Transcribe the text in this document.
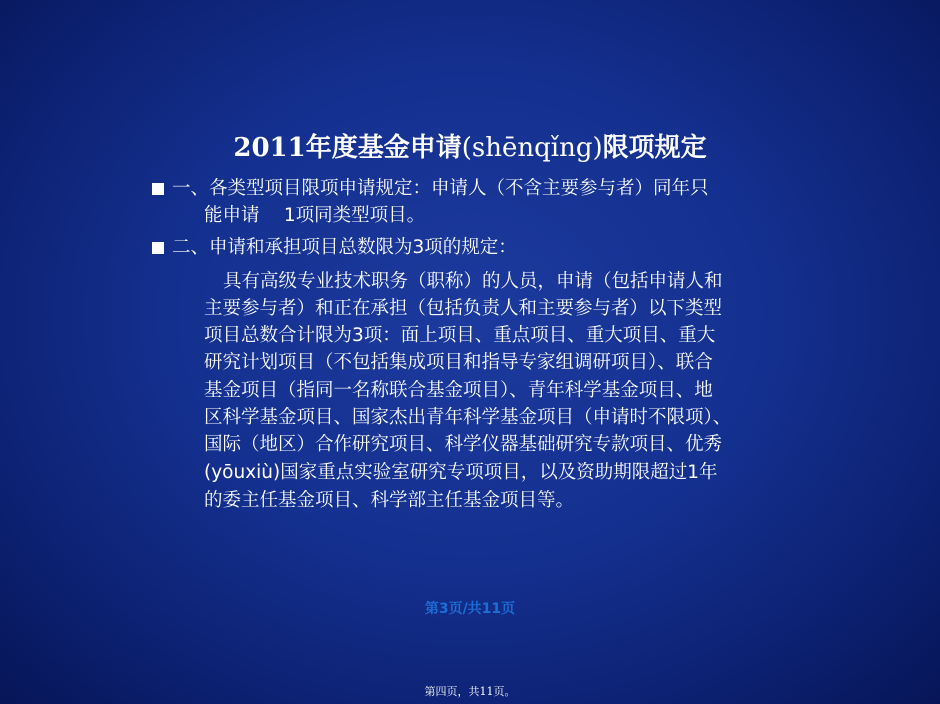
2011年度基金申请(shēnqǐng)限项规定
一、各类型项目限项申请规定：申请人（不含主要参与者）同年只
能申请　 1项同类型项目。
二、申请和承担项目总数限为3项的规定：
具有高级专业技术职务（职称）的人员，申请（包括申请人和
主要参与者）和正在承担（包括负责人和主要参与者）以下类型
项目总数合计限为3项：面上项目、重点项目、重大项目、重大
研究计划项目（不包括集成项目和指导专家组调研项目）、联合
基金项目（指同一名称联合基金项目）、青年科学基金项目、地
区科学基金项目、国家杰出青年科学基金项目（申请时不限项）、
国际（地区）合作研究项目、科学仪器基础研究专款项目、优秀
(yōuxiù)国家重点实验室研究专项项目，以及资助期限超过1年
的委主任基金项目、科学部主任基金项目等。
第3页/共11页
第四页，共11页。
